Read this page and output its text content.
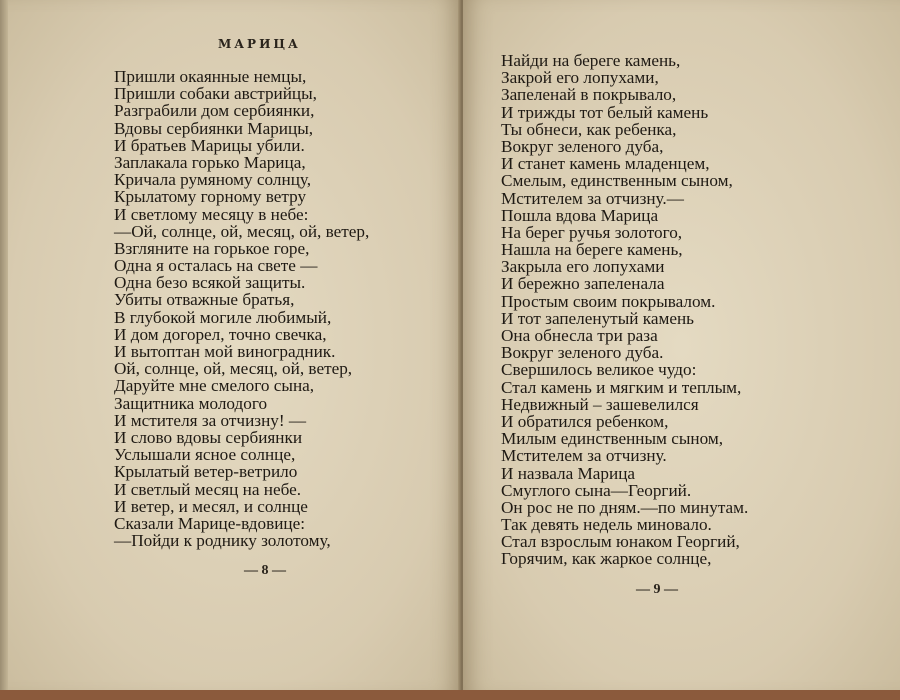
МАРИЦА
Пришли окаянные немцы,
Пришли собаки австрийцы,
Разграбили дом сербиянки,
Вдовы сербиянки Марицы,
И братьев Марицы убили.
Заплакала горько Марица,
Кричала румяному солнцу,
Крылатому горному ветру
И светлому месяцу в небе:
—Ой, солнце, ой, месяц, ой, ветер,
Взгляните на горькое горе,
Одна я осталась на свете —
Одна безо всякой защиты.
Убиты отважные братья,
В глубокой могиле любимый,
И дом догорел, точно свечка,
И вытоптан мой виноградник.
Ой, солнце, ой, месяц, ой, ветер,
Даруйте мне смелого сына,
Защитника молодого
И мстителя за отчизну! —
И слово вдовы сербиянки
Услышали ясное солнце,
Крылатый ветер-ветрило
И светлый месяц на небе.
И ветер, и месял, и солнце
Сказали Марице-вдовице:
—Пойди к роднику золотому,
— 8 —
Найди на береге камень,
Закрой его лопухами,
Запеленай в покрывало,
И трижды тот белый камень
Ты обнеси, как ребенка,
Вокруг зеленого дуба,
И станет камень младенцем,
Смелым, единственным сыном,
Мстителем за отчизну.—
Пошла вдова Марица
На берег ручья золотого,
Нашла на береге камень,
Закрыла его лопухами
И бережно запеленала
Простым своим покрывалом.
И тот запеленутый камень
Она обнесла три раза
Вокруг зеленого дуба.
Свершилось великое чудо:
Стал камень и мягким и теплым,
Недвижный – зашевелился
И обратился ребенком,
Милым единственным сыном,
Мстителем за отчизну.
И назвала Марица
Смуглого сына—Георгий.
Он рос не по дням.—по минутам.
Так девять недель миновало.
Стал взрослым юнаком Георгий,
Горячим, как жаркое солнце,
— 9 —
